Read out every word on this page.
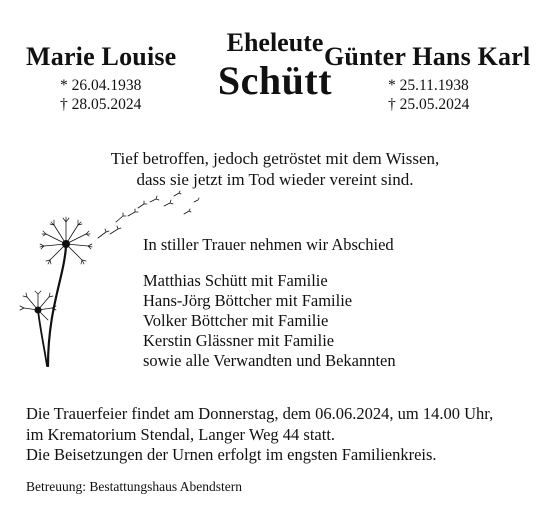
Marie Louise
* 26.04.1938
† 28.05.2024
Eheleute
Schütt
Günter Hans Karl
* 25.11.1938
† 25.05.2024
Tief betroffen, jedoch getröstet mit dem Wissen,
dass sie jetzt im Tod wieder vereint sind.
In stiller Trauer nehmen wir Abschied
Matthias Schütt mit Familie
Hans-Jörg Böttcher mit Familie
Volker Böttcher mit Familie
Kerstin Glässner mit Familie
sowie alle Verwandten und Bekannten
Die Trauerfeier findet am Donnerstag, dem 06.06.2024, um 14.00 Uhr,
im Krematorium Stendal, Langer Weg 44 statt.
Die Beisetzungen der Urnen erfolgt im engsten Familienkreis.
Betreuung: Bestattungshaus Abendstern
